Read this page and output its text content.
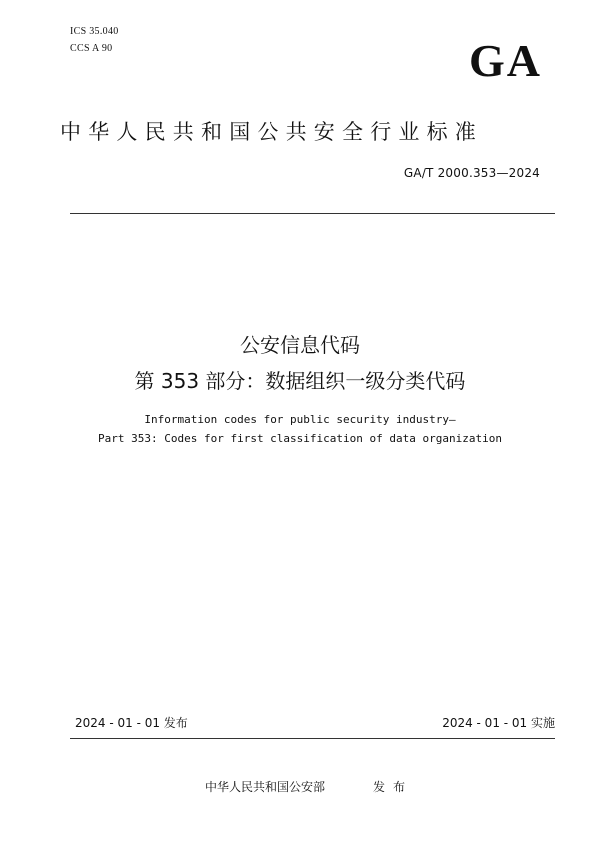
ICS 35.040
CCS A 90	GA
中华人民共和国公共安全行业标准
GA/T 2000.353—2024
公安信息代码
第 353 部分：数据组织一级分类代码
Information codes for public security industry—
Part 353: Codes for first classification of data organization
2024 - 01 - 01 发布	2024 - 01 - 01 实施
中华人民共和国公安部	发布
